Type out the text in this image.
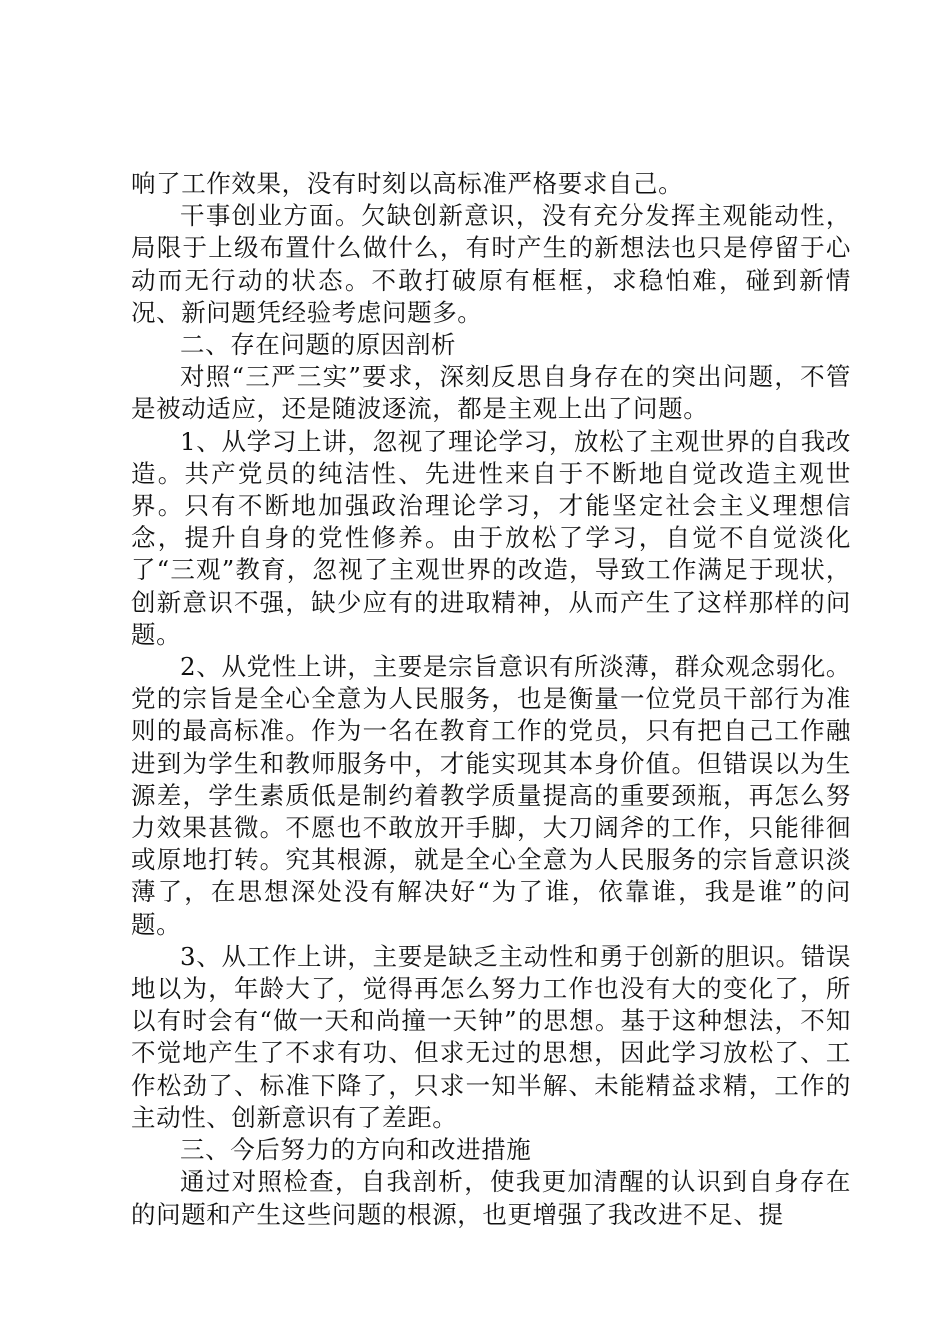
响了工作效果，没有时刻以高标准严格要求自己。

干事创业方面。欠缺创新意识，没有充分发挥主观能动性，局限于上级布置什么做什么，有时产生的新想法也只是停留于心动而无行动的状态。不敢打破原有框框，求稳怕难，碰到新情况、新问题凭经验考虑问题多。

二、存在问题的原因剖析

对照“三严三实”要求，深刻反思自身存在的突出问题，不管是被动适应，还是随波逐流，都是主观上出了问题。

1、从学习上讲，忽视了理论学习，放松了主观世界的自我改造。共产党员的纯洁性、先进性来自于不断地自觉改造主观世界。只有不断地加强政治理论学习，才能坚定社会主义理想信念，提升自身的党性修养。由于放松了学习，自觉不自觉淡化了“三观”教育，忽视了主观世界的改造，导致工作满足于现状，创新意识不强，缺少应有的进取精神，从而产生了这样那样的问题。

2、从党性上讲，主要是宗旨意识有所淡薄，群众观念弱化。党的宗旨是全心全意为人民服务，也是衡量一位党员干部行为准则的最高标准。作为一名在教育工作的党员，只有把自己工作融进到为学生和教师服务中，才能实现其本身价值。但错误以为生源差，学生素质低是制约着教学质量提高的重要颈瓶，再怎么努力效果甚微。不愿也不敢放开手脚，大刀阔斧的工作，只能徘徊或原地打转。究其根源，就是全心全意为人民服务的宗旨意识淡薄了，在思想深处没有解决好“为了谁，依靠谁，我是谁”的问题。

3、从工作上讲，主要是缺乏主动性和勇于创新的胆识。错误地以为，年龄大了，觉得再怎么努力工作也没有大的变化了，所以有时会有“做一天和尚撞一天钟”的思想。基于这种想法，不知不觉地产生了不求有功、但求无过的思想，因此学习放松了、工作松劲了、标准下降了，只求一知半解、未能精益求精，工作的主动性、创新意识有了差距。

三、今后努力的方向和改进措施

通过对照检查，自我剖析，使我更加清醒的认识到自身存在的问题和产生这些问题的根源，也更增强了我改进不足、提
